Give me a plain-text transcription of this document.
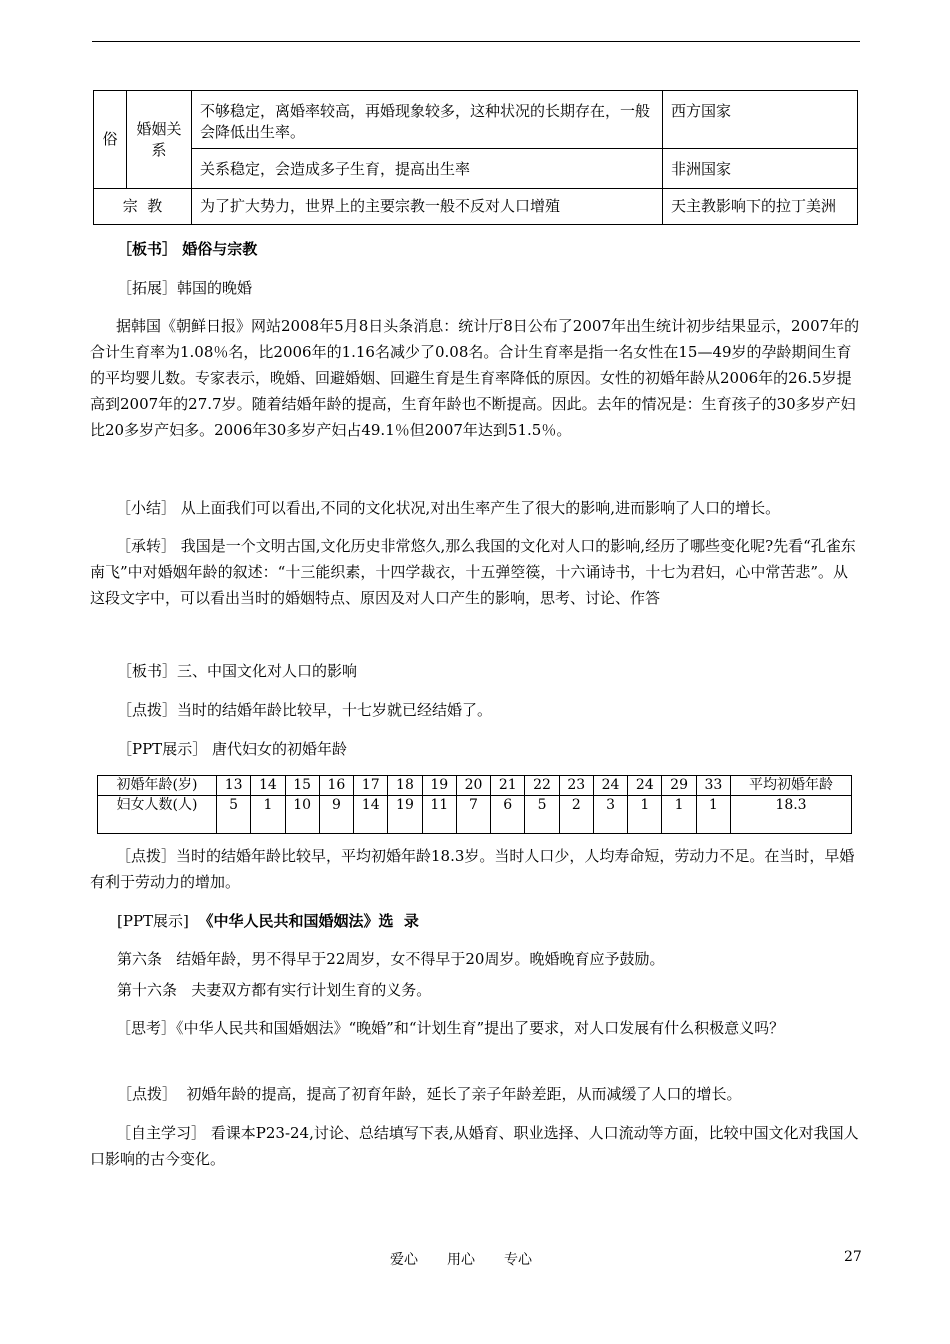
俗	婚姻关系	不够稳定，离婚率较高，再婚现象较多，这种状况的长期存在，一般会降低出生率。	西方国家
		关系稳定，会造成多子生育，提高出生率	非洲国家
宗  教		为了扩大势力，世界上的主要宗教一般不反对人口增殖	天主教影响下的拉丁美洲

［板书］ 婚俗与宗教

［拓展］韩国的晚婚

据韩国《朝鲜日报》网站2008年5月8日头条消息：统计厅8日公布了2007年出生统计初步结果显示，2007年的合计生育率为1.08％名，比2006年的1.16名减少了0.08名。合计生育率是指一名女性在15—49岁的孕龄期间生育的平均婴儿数。专家表示，晚婚、回避婚姻、回避生育是生育率降低的原因。女性的初婚年龄从2006年的26.5岁提高到2007年的27.7岁。随着结婚年龄的提高，生育年龄也不断提高。因此。去年的情况是：生育孩子的30多岁产妇比20多岁产妇多。2006年30多岁产妇占49.1％但2007年达到51.5％。

［小结］ 从上面我们可以看出,不同的文化状况,对出生率产生了很大的影响,进而影响了人口的增长。

［承转］ 我国是一个文明古国,文化历史非常悠久,那么我国的文化对人口的影响,经历了哪些变化呢?先看“孔雀东南飞”中对婚姻年龄的叙述：“十三能织素，十四学裁衣，十五弹箜篌，十六诵诗书，十七为君妇，心中常苦悲”。从这段文字中，可以看出当时的婚姻特点、原因及对人口产生的影响，思考、讨论、作答

［板书］三、中国文化对人口的影响

［点拨］当时的结婚年龄比较早，十七岁就已经结婚了。

［PPT展示］ 唐代妇女的初婚年龄

初婚年龄(岁)	13	14	15	16	17	18	19	20	21	22	23	24	24	29	33	平均初婚年龄
妇女人数(人)	5	1	10	9	14	19	11	7	6	5	2	3	1	1	1	18.3

［点拨］当时的结婚年龄比较早，平均初婚年龄18.3岁。当时人口少，人均寿命短，劳动力不足。在当时，早婚有利于劳动力的增加。

[PPT展示]  《中华人民共和国婚姻法》选  录

第六条   结婚年龄，男不得早于22周岁，女不得早于20周岁。晚婚晚育应予鼓励。

第十六条   夫妻双方都有实行计划生育的义务。

［思考］《中华人民共和国婚姻法》“晚婚”和“计划生育”提出了要求，对人口发展有什么积极意义吗？

［点拨］  初婚年龄的提高，提高了初育年龄，延长了亲子年龄差距，从而减缓了人口的增长。

［自主学习］ 看课本P23-24,讨论、总结填写下表,从婚育、职业选择、人口流动等方面，比较中国文化对我国人口影响的古今变化。

爱心 用心 专心	27
